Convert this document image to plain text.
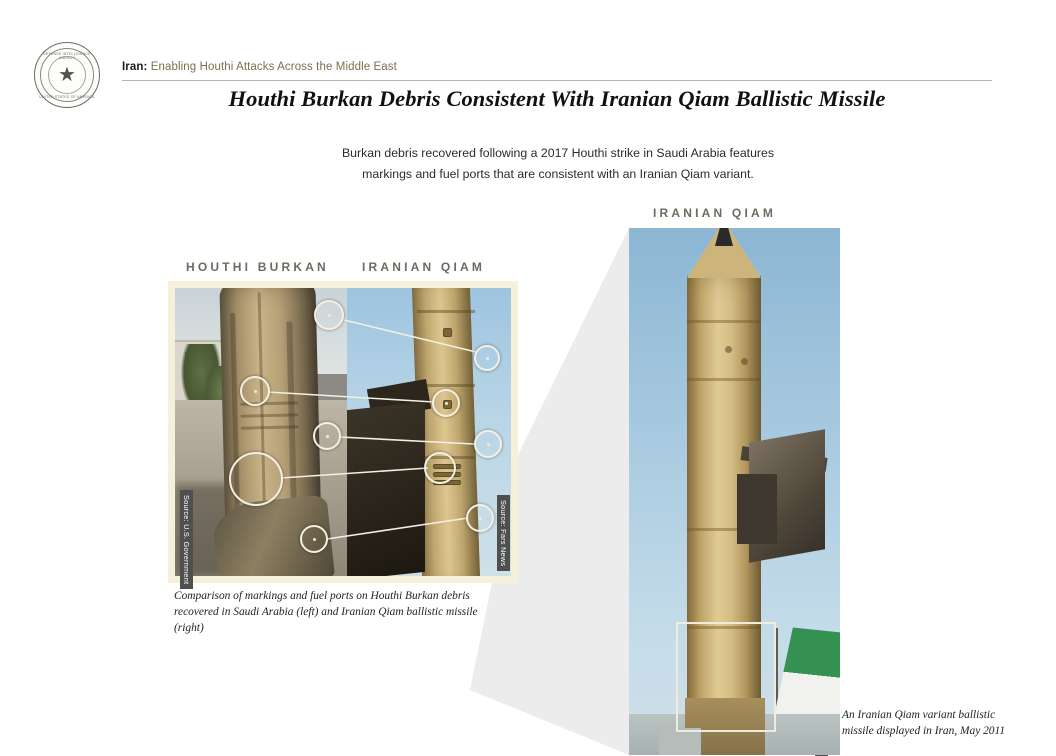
DEFENSE INTELLIGENCE AGENCY
★
UNITED STATES OF AMERICA
Iran: Enabling Houthi Attacks Across the Middle East
Houthi Burkan Debris Consistent With Iranian Qiam Ballistic Missile
Burkan debris recovered following a 2017 Houthi strike in Saudi Arabia features
markings and fuel ports that are consistent with an Iranian Qiam variant.
HOUTHI BURKAN	IRANIAN QIAM
IRANIAN QIAM
Source: U.S. Government	Source: Fars News
Comparison of markings and fuel ports on Houthi Burkan debris recovered in Saudi Arabia (left) and Iranian Qiam ballistic missile (right)
An Iranian Qiam variant ballistic missile displayed in Iran, May 2011
